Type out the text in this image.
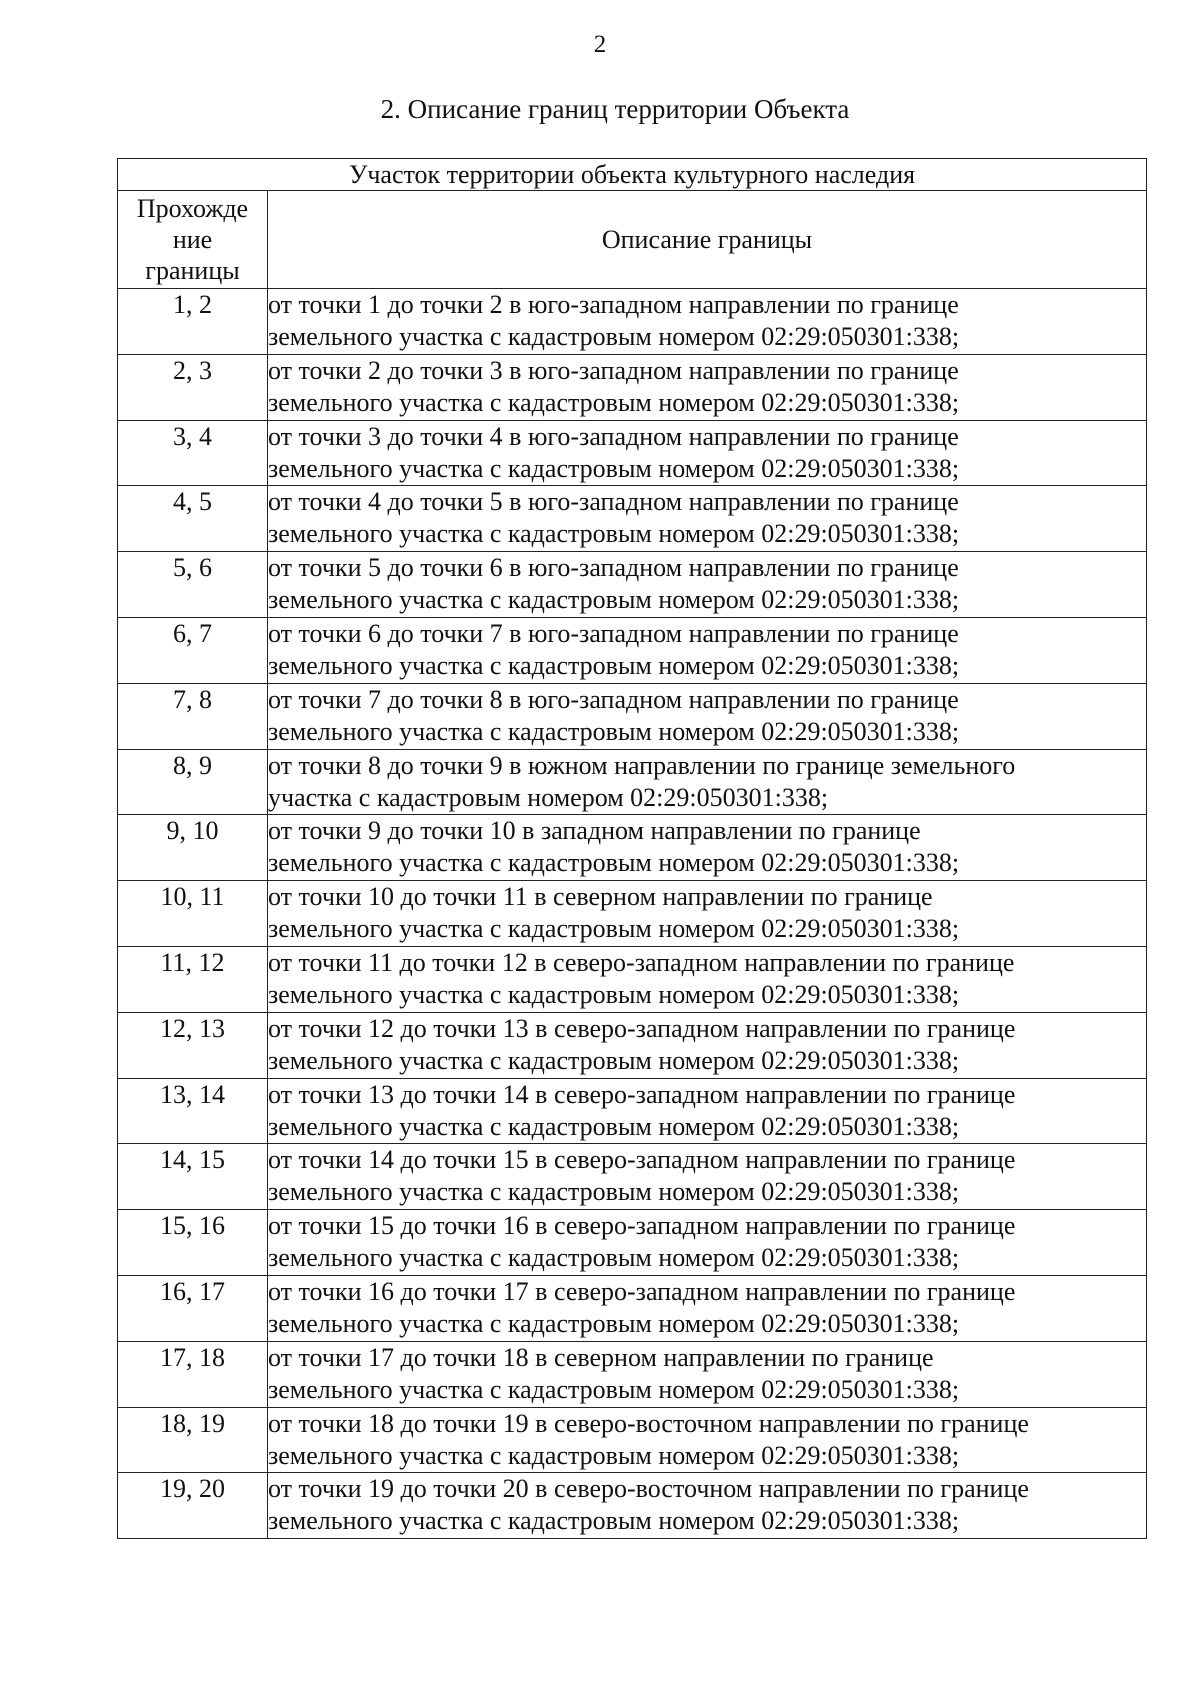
2
2. Описание границ территории Объекта
Участок территории объекта культурного наследия	

Прохожде
ние
границы	Описание границы
1, 2	от точки 1 до точки 2 в юго-западном направлении по границе
земельного участка с кадастровым номером 02:29:050301:338;

2, 3	от точки 2 до точки 3 в юго-западном направлении по границе
земельного участка с кадастровым номером 02:29:050301:338;

3, 4	от точки 3 до точки 4 в юго-западном направлении по границе
земельного участка с кадастровым номером 02:29:050301:338;

4, 5	от точки 4 до точки 5 в юго-западном направлении по границе
земельного участка с кадастровым номером 02:29:050301:338;

5, 6	от точки 5 до точки 6 в юго-западном направлении по границе
земельного участка с кадастровым номером 02:29:050301:338;

6, 7	от точки 6 до точки 7 в юго-западном направлении по границе
земельного участка с кадастровым номером 02:29:050301:338;

7, 8	от точки 7 до точки 8 в юго-западном направлении по границе
земельного участка с кадастровым номером 02:29:050301:338;

8, 9	от точки 8 до точки 9 в южном направлении по границе земельного
участка с кадастровым номером 02:29:050301:338;

9, 10	от точки 9 до точки 10 в западном направлении по границе
земельного участка с кадастровым номером 02:29:050301:338;

10, 11	от точки 10 до точки 11 в северном направлении по границе
земельного участка с кадастровым номером 02:29:050301:338;

11, 12	от точки 11 до точки 12 в северо-западном направлении по границе
земельного участка с кадастровым номером 02:29:050301:338;

12, 13	от точки 12 до точки 13 в северо-западном направлении по границе
земельного участка с кадастровым номером 02:29:050301:338;

13, 14	от точки 13 до точки 14 в северо-западном направлении по границе
земельного участка с кадастровым номером 02:29:050301:338;

14, 15	от точки 14 до точки 15 в северо-западном направлении по границе
земельного участка с кадастровым номером 02:29:050301:338;

15, 16	от точки 15 до точки 16 в северо-западном направлении по границе
земельного участка с кадастровым номером 02:29:050301:338;

16, 17	от точки 16 до точки 17 в северо-западном направлении по границе
земельного участка с кадастровым номером 02:29:050301:338;

17, 18	от точки 17 до точки 18 в северном направлении по границе
земельного участка с кадастровым номером 02:29:050301:338;

18, 19	от точки 18 до точки 19 в северо-восточном направлении по границе
земельного участка с кадастровым номером 02:29:050301:338;

19, 20	от точки 19 до точки 20 в северо-восточном направлении по границе
земельного участка с кадастровым номером 02:29:050301:338;
